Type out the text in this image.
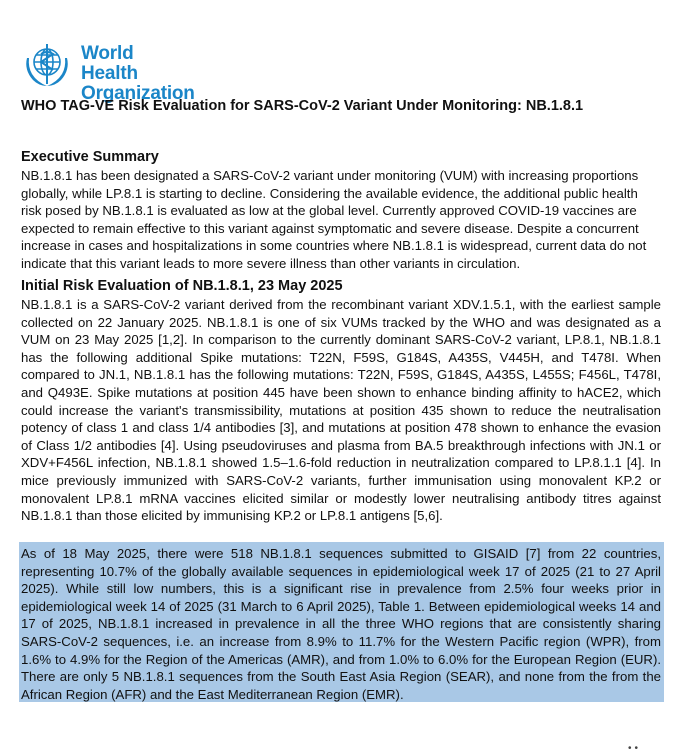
World Health
Organization
WHO TAG-VE Risk Evaluation for SARS-CoV-2 Variant Under Monitoring: NB.1.8.1
Executive Summary

NB.1.8.1 has been designated a SARS-CoV-2 variant under monitoring (VUM) with increasing proportions globally, while LP.8.1 is starting to decline. Considering the available evidence, the additional public health risk posed by NB.1.8.1 is evaluated as low at the global level. Currently approved COVID-19 vaccines are expected to remain effective to this variant against symptomatic and severe disease. Despite a concurrent increase in cases and hospitalizations in some countries where NB.1.8.1 is widespread, current data do not indicate that this variant leads to more severe illness than other variants in circulation.

Initial Risk Evaluation of NB.1.8.1, 23 May 2025

NB.1.8.1 is a SARS-CoV-2 variant derived from the recombinant variant XDV.1.5.1, with the earliest sample collected on 22 January 2025. NB.1.8.1 is one of six VUMs tracked by the WHO and was designated as a VUM on 23 May 2025 [1,2]. In comparison to the currently dominant SARS-CoV-2 variant, LP.8.1, NB.1.8.1 has the following additional Spike mutations: T22N, F59S, G184S, A435S, V445H, and T478I. When compared to JN.1, NB.1.8.1 has the following mutations: T22N, F59S, G184S, A435S, L455S; F456L, T478I, and Q493E. Spike mutations at position 445 have been shown to enhance binding affinity to hACE2, which could increase the variant's transmissibility, mutations at position 435 shown to reduce the neutralisation potency of class 1 and class 1/4 antibodies [3], and mutations at position 478 shown to enhance the evasion of Class 1/2 antibodies [4]. Using pseudoviruses and plasma from BA.5 breakthrough infections with JN.1 or XDV+F456L infection, NB.1.8.1 showed 1.5–1.6-fold reduction in neutralization compared to LP.8.1.1 [4]. In mice previously immunized with SARS-CoV-2 variants, further immunisation using monovalent KP.2 or monovalent LP.8.1 mRNA vaccines elicited similar or modestly lower neutralising antibody titres against NB.1.8.1 than those elicited by immunising KP.2 or LP.8.1 antigens [5,6].

As of 18 May 2025, there were 518 NB.1.8.1 sequences submitted to GISAID [7] from 22 countries, representing 10.7% of the globally available sequences in epidemiological week 17 of 2025 (21 to 27 April 2025). While still low numbers, this is a significant rise in prevalence from 2.5% four weeks prior in epidemiological week 14 of 2025 (31 March to 6 April 2025), Table 1. Between epidemiological weeks 14 and 17 of 2025, NB.1.8.1 increased in prevalence in all the three WHO regions that are consistently sharing SARS-CoV-2 sequences, i.e. an increase from 8.9% to 11.7% for the Western Pacific region (WPR), from 1.6% to 4.9% for the Region of the Americas (AMR), and from 1.0% to 6.0% for the European Region (EUR). There are only 5 NB.1.8.1 sequences from the South East Asia Region (SEAR), and none from the from the African Region (AFR) and the East Mediterranean Region (EMR).

••
